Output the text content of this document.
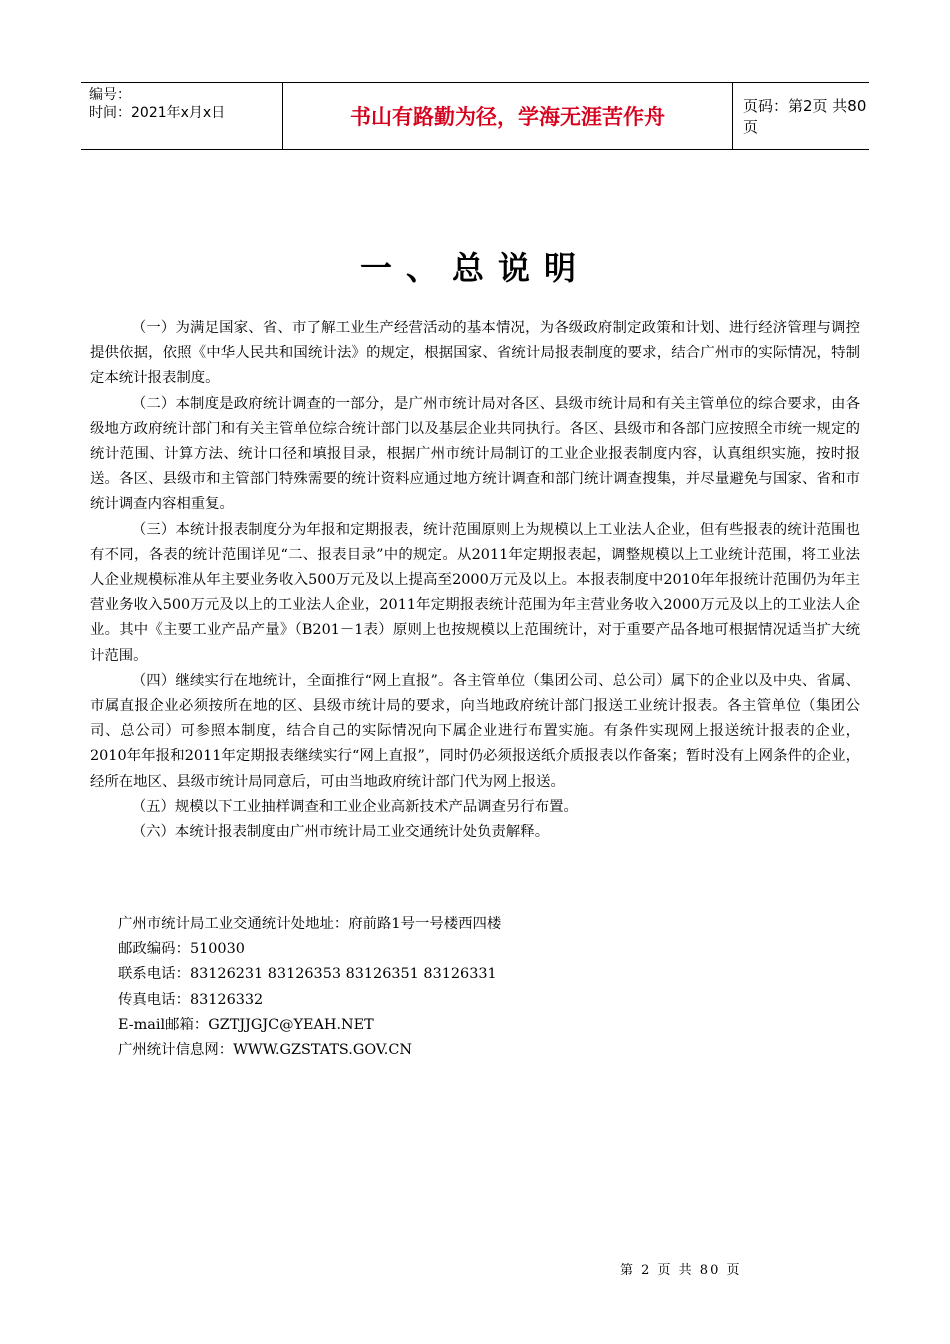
编号：
时间：2021年x月x日	书山有路勤为径，学海无涯苦作舟	页码：第2页 共80页
一、总说明

（一）为满足国家、省、市了解工业生产经营活动的基本情况，为各级政府制定政策和计划、进行经济管理与调控提供依据，依照《中华人民共和国统计法》的规定，根据国家、省统计局报表制度的要求，结合广州市的实际情况，特制定本统计报表制度。

（二）本制度是政府统计调查的一部分，是广州市统计局对各区、县级市统计局和有关主管单位的综合要求，由各级地方政府统计部门和有关主管单位综合统计部门以及基层企业共同执行。各区、县级市和各部门应按照全市统一规定的统计范围、计算方法、统计口径和填报目录，根据广州市统计局制订的工业企业报表制度内容，认真组织实施，按时报送。各区、县级市和主管部门特殊需要的统计资料应通过地方统计调查和部门统计调查搜集，并尽量避免与国家、省和市统计调查内容相重复。

（三）本统计报表制度分为年报和定期报表，统计范围原则上为规模以上工业法人企业，但有些报表的统计范围也有不同，各表的统计范围详见“二、报表目录”中的规定。从2011年定期报表起，调整规模以上工业统计范围，将工业法人企业规模标准从年主要业务收入500万元及以上提高至2000万元及以上。本报表制度中2010年年报统计范围仍为年主营业务收入500万元及以上的工业法人企业，2011年定期报表统计范围为年主营业务收入2000万元及以上的工业法人企业。其中《主要工业产品产量》（B201－1表）原则上也按规模以上范围统计，对于重要产品各地可根据情况适当扩大统计范围。

（四）继续实行在地统计，全面推行“网上直报”。各主管单位（集团公司、总公司）属下的企业以及中央、省属、市属直报企业必须按所在地的区、县级市统计局的要求，向当地政府统计部门报送工业统计报表。各主管单位（集团公司、总公司）可参照本制度，结合自己的实际情况向下属企业进行布置实施。有条件实现网上报送统计报表的企业，2010年年报和2011年定期报表继续实行“网上直报”，同时仍必须报送纸介质报表以作备案；暂时没有上网条件的企业，经所在地区、县级市统计局同意后，可由当地政府统计部门代为网上报送。

（五）规模以下工业抽样调查和工业企业高新技术产品调查另行布置。

（六）本统计报表制度由广州市统计局工业交通统计处负责解释。

广州市统计局工业交通统计处地址：府前路1号一号楼西四楼
邮政编码：510030
联系电话：83126231 83126353 83126351 83126331
传真电话：83126332
E-mail邮箱：GZTJJGJC@YEAH.NET
广州统计信息网：WWW.GZSTATS.GOV.CN
第 2 页 共 80 页
